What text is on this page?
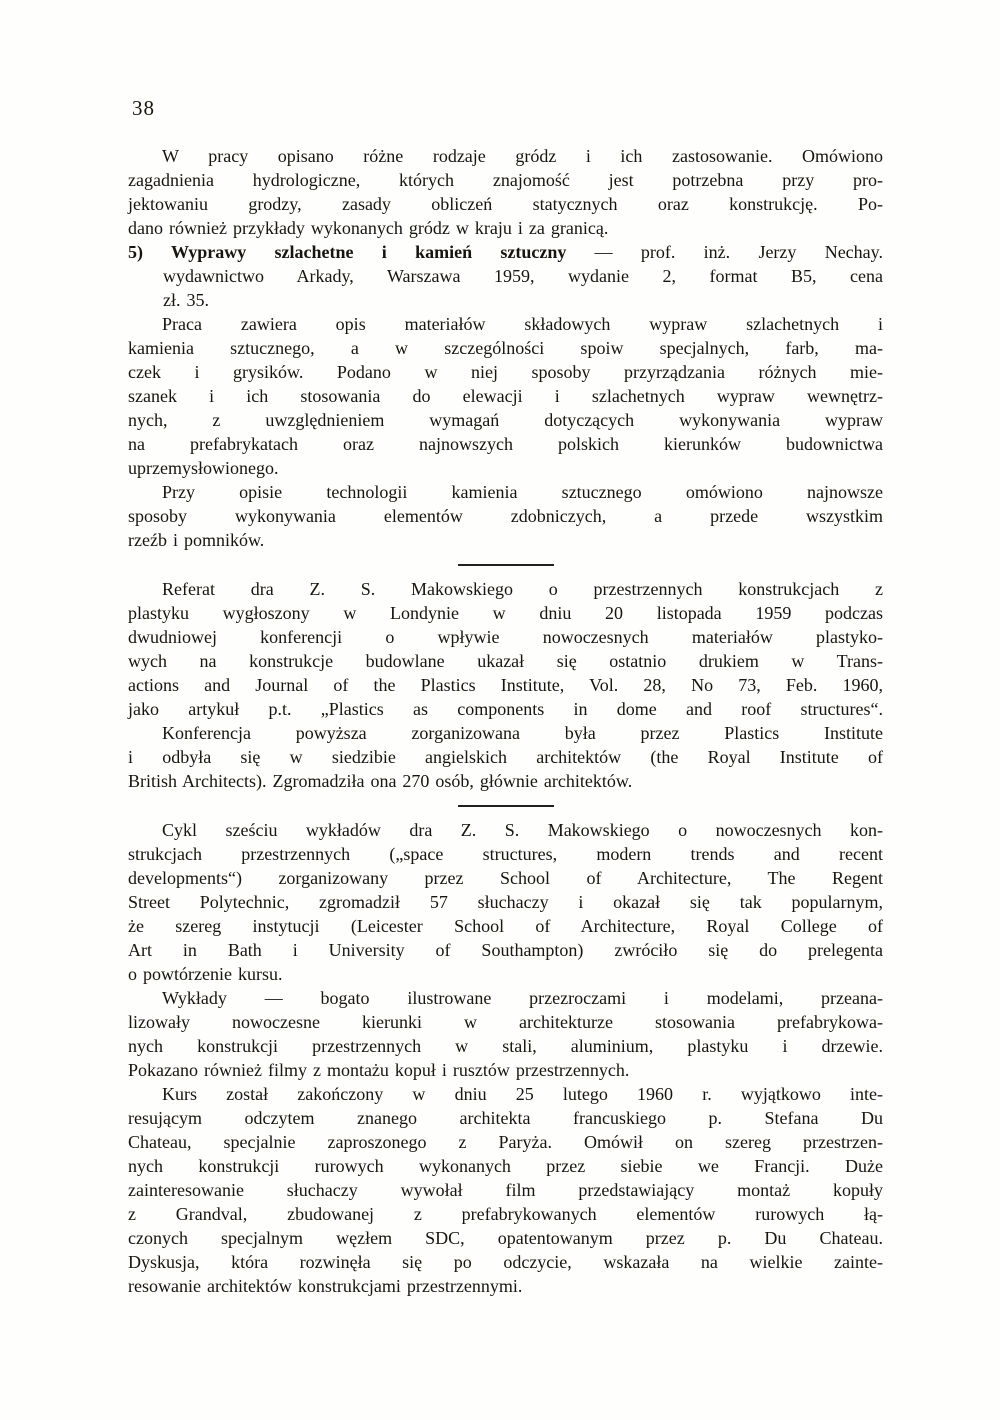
38
W pracy opisano różne rodzaje gródz i ich zastosowanie. Omówiono
zagadnienia hydrologiczne, których znajomość jest potrzebna przy pro-
jektowaniu grodzy, zasady obliczeń statycznych oraz konstrukcję. Po-
dano również przykłady wykonanych gródz w kraju i za granicą.
5) Wyprawy szlachetne i kamień sztuczny — prof. inż. Jerzy Nechay.
wydawnictwo Arkady, Warszawa 1959, wydanie 2, format B5, cena
zł. 35.
Praca zawiera opis materiałów składowych wypraw szlachetnych i
kamienia sztucznego, a w szczególności spoiw specjalnych, farb, ma-
czek i grysików. Podano w niej sposoby przyrządzania różnych mie-
szanek i ich stosowania do elewacji i szlachetnych wypraw wewnętrz-
nych, z uwzględnieniem wymagań dotyczących wykonywania wypraw
na prefabrykatach oraz najnowszych polskich kierunków budownictwa
uprzemysłowionego.
Przy opisie technologii kamienia sztucznego omówiono najnowsze
sposoby wykonywania elementów zdobniczych, a przede wszystkim
rzeźb i pomników.
Referat dra Z. S. Makowskiego o przestrzennych konstrukcjach z
plastyku wygłoszony w Londynie w dniu 20 listopada 1959 podczas
dwudniowej konferencji o wpływie nowoczesnych materiałów plastyko-
wych na konstrukcje budowlane ukazał się ostatnio drukiem w Trans-
actions and Journal of the Plastics Institute, Vol. 28, No 73, Feb. 1960,
jako artykuł p.t. „Plastics as components in dome and roof structures“.
Konferencja powyższa zorganizowana była przez Plastics Institute
i odbyła się w siedzibie angielskich architektów (the Royal Institute of
British Architects). Zgromadziła ona 270 osób, głównie architektów.
Cykl sześciu wykładów dra Z. S. Makowskiego o nowoczesnych kon-
strukcjach przestrzennych („space structures, modern trends and recent
developments“) zorganizowany przez School of Architecture, The Regent
Street Polytechnic, zgromadził 57 słuchaczy i okazał się tak popularnym,
że szereg instytucji (Leicester School of Architecture, Royal College of
Art in Bath i University of Southampton) zwróciło się do prelegenta
o powtórzenie kursu.
Wykłady — bogato ilustrowane przezroczami i modelami, przeana-
lizowały nowoczesne kierunki w architekturze stosowania prefabrykowa-
nych konstrukcji przestrzennych w stali, aluminium, plastyku i drzewie.
Pokazano również filmy z montażu kopuł i rusztów przestrzennych.
Kurs został zakończony w dniu 25 lutego 1960 r. wyjątkowo inte-
resującym odczytem znanego architekta francuskiego p. Stefana Du
Chateau, specjalnie zaproszonego z Paryża. Omówił on szereg przestrzen-
nych konstrukcji rurowych wykonanych przez siebie we Francji. Duże
zainteresowanie słuchaczy wywołał film przedstawiający montaż kopuły
z Grandval, zbudowanej z prefabrykowanych elementów rurowych łą-
czonych specjalnym węzłem SDC, opatentowanym przez p. Du Chateau.
Dyskusja, która rozwinęła się po odczycie, wskazała na wielkie zainte-
resowanie architektów konstrukcjami przestrzennymi.
